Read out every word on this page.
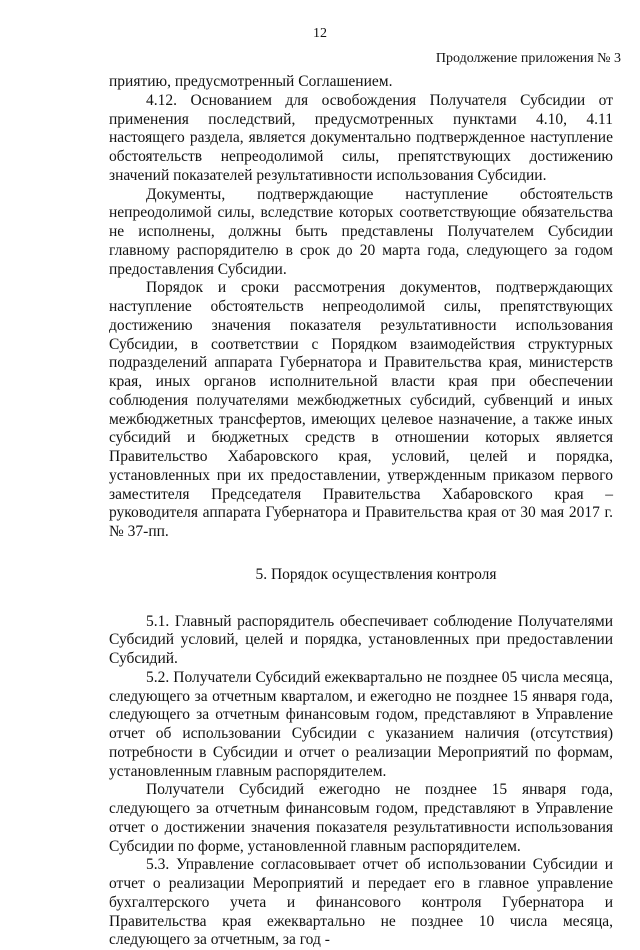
12
Продолжение приложения № 3

приятию, предусмотренный Соглашением.

4.12. Основанием для освобождения Получателя Субсидии от применения последствий, предусмотренных пунктами 4.10, 4.11 настоящего раздела, является документально подтвержденное наступление обстоятельств непреодолимой силы, препятствующих достижению значений показателей результативности использования Субсидии.

Документы, подтверждающие наступление обстоятельств непреодолимой силы, вследствие которых соответствующие обязательства не исполнены, должны быть представлены Получателем Субсидии главному распорядителю в срок до 20 марта года, следующего за годом предоставления Субсидии.

Порядок и сроки рассмотрения документов, подтверждающих наступление обстоятельств непреодолимой силы, препятствующих достижению значения показателя результативности использования Субсидии, в соответствии с Порядком взаимодействия структурных подразделений аппарата Губернатора и Правительства края, министерств края, иных органов исполнительной власти края при обеспечении соблюдения получателями межбюджетных субсидий, субвенций и иных межбюджетных трансфертов, имеющих целевое назначение, а также иных субсидий и бюджетных средств в отношении которых является Правительство Хабаровского края, условий, целей и порядка, установленных при их предоставлении, утвержденным приказом первого заместителя Председателя Правительства Хабаровского края – руководителя аппарата Губернатора и Правительства края от 30 мая 2017 г. № 37-пп.

5. Порядок осуществления контроля

5.1. Главный распорядитель обеспечивает соблюдение Получателями Субсидий условий, целей и порядка, установленных при предоставлении Субсидий.

5.2. Получатели Субсидий ежеквартально не позднее 05 числа месяца, следующего за отчетным кварталом, и ежегодно не позднее 15 января года, следующего за отчетным финансовым годом, представляют в Управление отчет об использовании Субсидии с указанием наличия (отсутствия) потребности в Субсидии и отчет о реализации Мероприятий по формам, установленным главным распорядителем.

Получатели Субсидий ежегодно не позднее 15 января года, следующего за отчетным финансовым годом, представляют в Управление отчет о достижении значения показателя результативности использования Субсидии по форме, установленной главным распорядителем.

5.3. Управление согласовывает отчет об использовании Субсидии и отчет о реализации Мероприятий и передает его в главное управление бухгалтерского учета и финансового контроля Губернатора и Правительства края ежеквартально не позднее 10 числа месяца, следующего за отчетным, за год -
